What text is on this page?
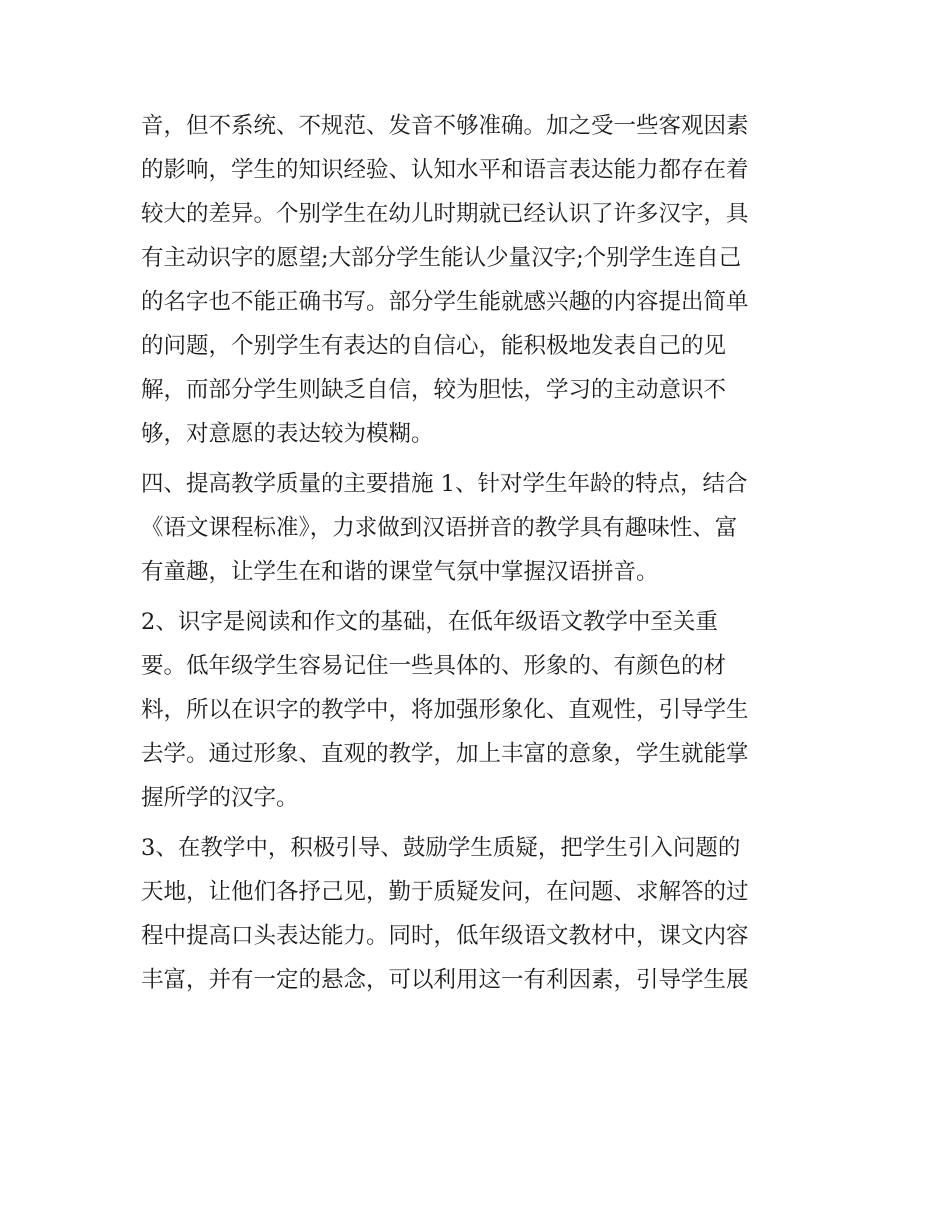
音，但不系统、不规范、发音不够准确。加之受一些客观因素
的影响，学生的知识经验、认知水平和语言表达能力都存在着
较大的差异。个别学生在幼儿时期就已经认识了许多汉字，具
有主动识字的愿望;大部分学生能认少量汉字;个别学生连自己
的名字也不能正确书写。部分学生能就感兴趣的内容提出简单
的问题，个别学生有表达的自信心，能积极地发表自己的见
解，而部分学生则缺乏自信，较为胆怯，学习的主动意识不
够，对意愿的表达较为模糊。
四、提高教学质量的主要措施 1、针对学生年龄的特点，结合
《语文课程标准》，力求做到汉语拼音的教学具有趣味性、富
有童趣，让学生在和谐的课堂气氛中掌握汉语拼音。
2、识字是阅读和作文的基础，在低年级语文教学中至关重
要。低年级学生容易记住一些具体的、形象的、有颜色的材
料，所以在识字的教学中，将加强形象化、直观性，引导学生
去学。通过形象、直观的教学，加上丰富的意象，学生就能掌
握所学的汉字。
3、在教学中，积极引导、鼓励学生质疑，把学生引入问题的
天地，让他们各抒己见，勤于质疑发问，在问题、求解答的过
程中提高口头表达能力。同时，低年级语文教材中，课文内容
丰富，并有一定的悬念，可以利用这一有利因素，引导学生展
